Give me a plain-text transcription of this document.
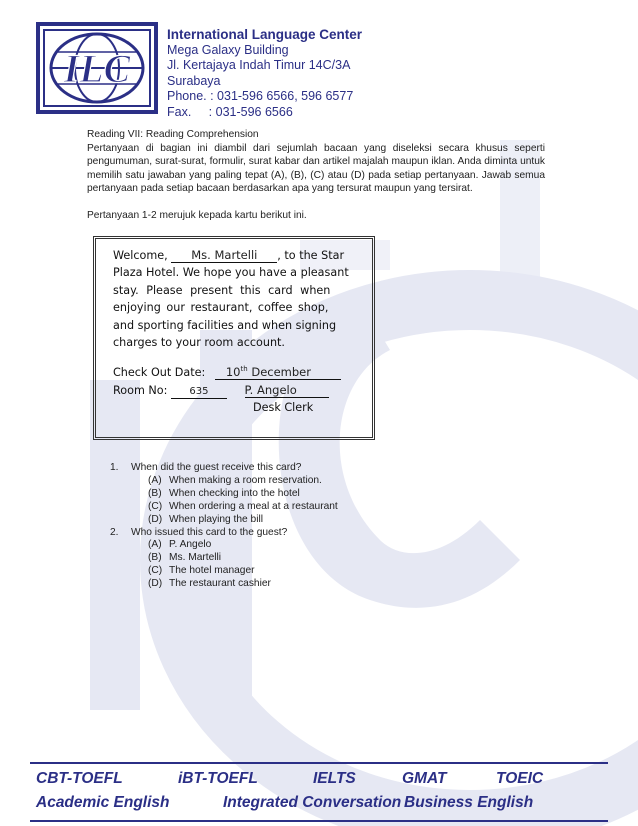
ILC
International Language Center
Mega Galaxy Building
Jl. Kertajaya Indah Timur 14C/3A
Surabaya
Phone. : 031-596 6566, 596 6577
Fax.     : 031-596 6566

Reading VII: Reading Comprehension

Pertanyaan di bagian ini diambil dari sejumlah bacaan yang diseleksi secara khusus seperti pengumuman, surat-surat, formulir, surat kabar dan artikel majalah maupun iklan. Anda diminta untuk memilih satu jawaban yang paling tepat (A), (B), (C) atau (D) pada setiap pertanyaan. Jawab semua pertanyaan pada setiap bacaan berdasarkan apa yang tersurat maupun yang tersirat.

Pertanyaan 1-2 merujuk kepada kartu berikut ini.

Welcome, Ms. Martelli , to the Star
Plaza Hotel. We hope you have a pleasant
stay. Please present this card when
enjoying our restaurant, coffee shop,
and sporting facilities and when signing
charges to your room account.
Check Out Date: 10th December
Room No: 635	P. Angelo
Desk Clerk
1.	When did the guest receive this card?
(A) When making a room reservation.
(B) When checking into the hotel
(C) When ordering a meal at a restaurant
(D) When playing the bill
2.	Who issued this card to the guest?
(A) P. Angelo
(B) Ms. Martelli
(C) The hotel manager
(D) The restaurant cashier
CBT-TOEFL	iBT-TOEFL	IELTS	GMAT	TOEIC
Academic English	Integrated Conversation Business English
